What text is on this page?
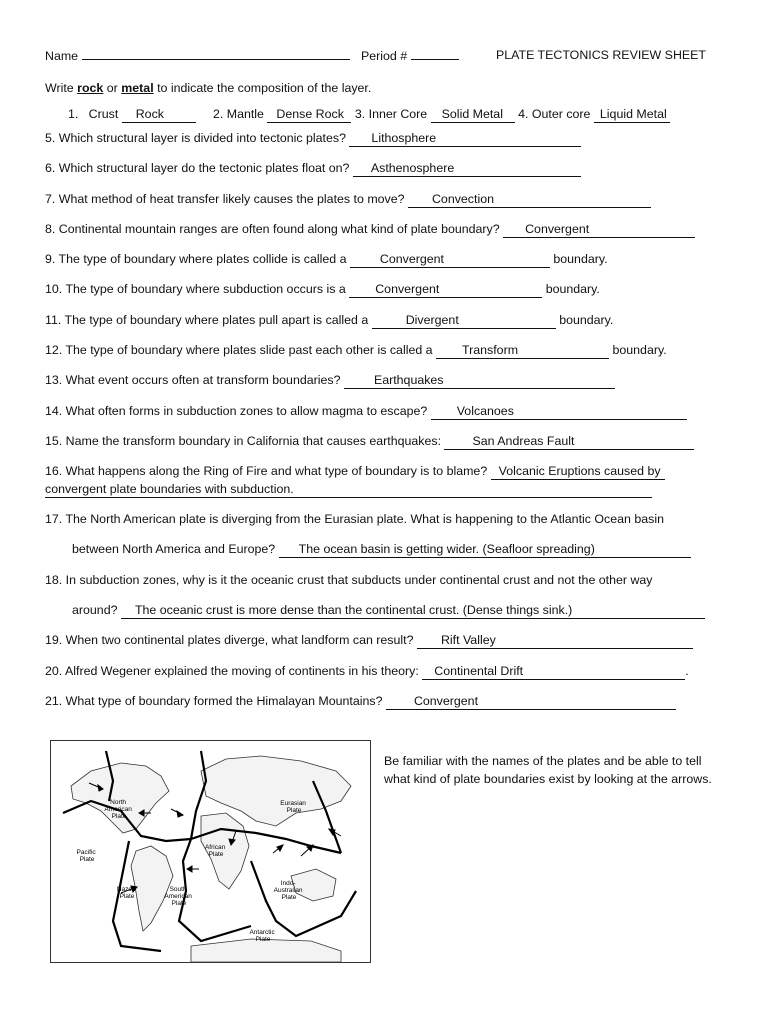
Name	Period #	PLATE TECTONICS REVIEW SHEET
Write rock or metal to indicate the composition of the layer.
1. Crust Rock	2. Mantle Dense Rock 3. Inner Core Solid Metal 4. Outer core Liquid Metal
5. Which structural layer is divided into tectonic plates? Lithosphere
6. Which structural layer do the tectonic plates float on? Asthenosphere
7. What method of heat transfer likely causes the plates to move? Convection
8. Continental mountain ranges are often found along what kind of plate boundary? Convergent
9. The type of boundary where plates collide is called a	Convergent	boundary.
10. The type of boundary where subduction occurs is a Convergent	boundary.
11. The type of boundary where plates pull apart is called a	Divergent	boundary.
12. The type of boundary where plates slide past each other is called a Transform	boundary.
13. What event occurs often at transform boundaries?	Earthquakes
14. What often forms in subduction zones to allow magma to escape? Volcanoes
15. Name the transform boundary in California that causes earthquakes:	San Andreas Fault
16. What happens along the Ring of Fire and what type of boundary is to blame? Volcanic Eruptions caused by
convergent plate boundaries with subduction.
17. The North American plate is diverging from the Eurasian plate. What is happening to the Atlantic Ocean basin
between North America and Europe? The ocean basin is getting wider. (Seafloor spreading)
18. In subduction zones, why is it the oceanic crust that subducts under continental crust and not the other way
around? The oceanic crust is more dense than the continental crust. (Dense things sink.)
19. When two continental plates diverge, what landform can result? Rift Valley
20. Alfred Wegener explained the moving of continents in his theory: Continental Drift	.
21. What type of boundary formed the Himalayan Mountains?	Convergent
North American Plate
Eurasian Plate
Pacific Plate
African Plate
Nazca Plate
South American Plate
Indo- Australian Plate
Antarctic Plate
Be familiar with the names of the plates and be able to tell what kind of plate boundaries exist by looking at the arrows.
